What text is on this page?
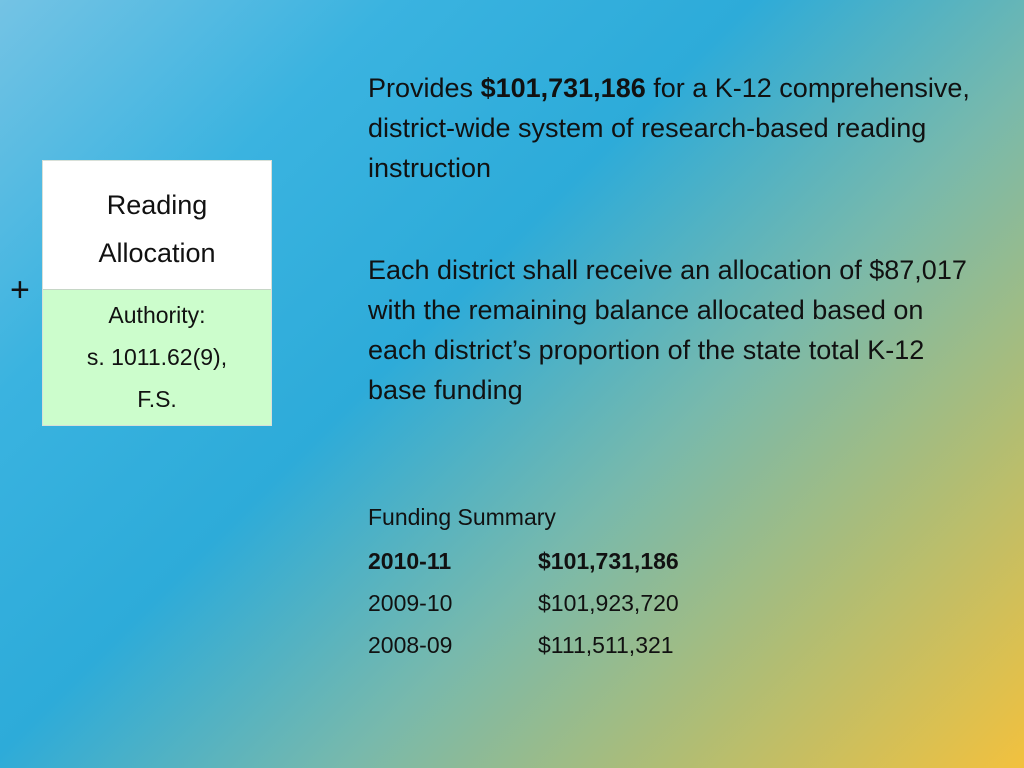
+
Reading
Allocation
Authority:
s. 1011.62(9),
F.S.
Provides $101,731,186 for a K-12 comprehensive, district-wide system of research-based reading instruction
Each district shall receive an allocation of $87,017 with the remaining balance allocated based on each district’s proportion of the state total K-12 base funding
Funding Summary
2010-11	$101,731,186
2009-10	$101,923,720
2008-09	$111,511,321
